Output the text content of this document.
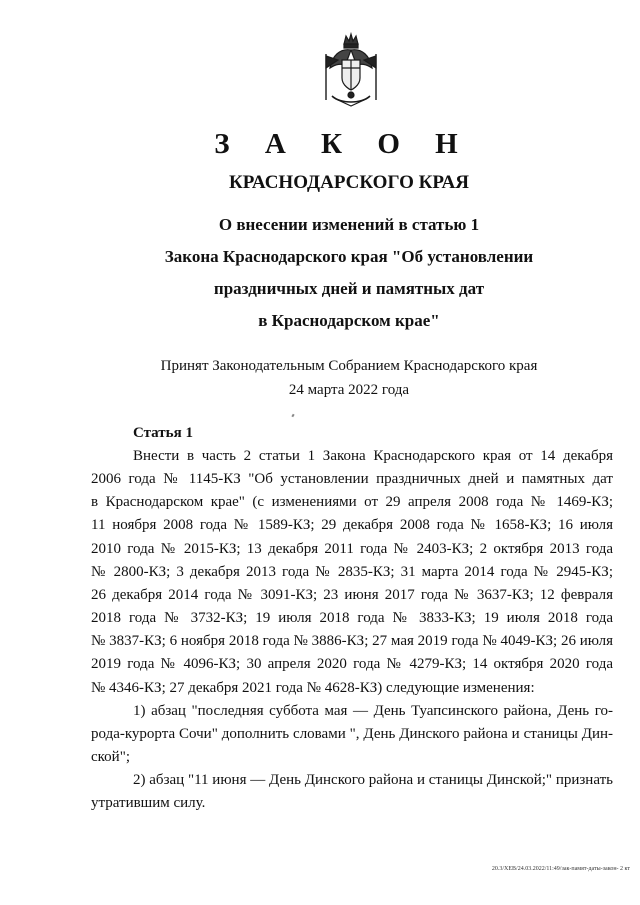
З А К О Н
КРАСНОДАРСКОГО КРАЯ
О внесении изменений в статью 1
Закона Краснодарского края "Об установлении
праздничных дней и памятных дат
в Краснодарском крае"
Принят Законодательным Собранием Краснодарского края
24 марта 2022 года
Статья 1
Внести в часть 2 статьи 1 Закона Краснодарского края от 14 декабря
2006 года № 1145-КЗ "Об установлении праздничных дней и памятных дат
в Краснодарском крае" (с изменениями от 29 апреля 2008 года № 1469-КЗ;
11 ноября 2008 года № 1589-КЗ; 29 декабря 2008 года № 1658-КЗ; 16 июля
2010 года № 2015-КЗ; 13 декабря 2011 года № 2403-КЗ; 2 октября 2013 года
№ 2800-КЗ; 3 декабря 2013 года № 2835-КЗ; 31 марта 2014 года № 2945-КЗ;
26 декабря 2014 года № 3091-КЗ; 23 июня 2017 года № 3637-КЗ; 12 февраля
2018 года № 3732-КЗ; 19 июля 2018 года № 3833-КЗ; 19 июля 2018 года
№ 3837-КЗ; 6 ноября 2018 года № 3886-КЗ; 27 мая 2019 года № 4049-КЗ; 26 июля
2019 года № 4096-КЗ; 30 апреля 2020 года № 4279-КЗ; 14 октября 2020 года
№ 4346-КЗ; 27 декабря 2021 года № 4628-КЗ) следующие изменения:
1) абзац "последняя суббота мая — День Туапсинского района, День го-
рода-курорта Сочи" дополнить словами ", День Динского района и станицы Дин-
ской";
2) абзац "11 июня — День Динского района и станицы Динской;" признать
утратившим силу.
20.3/ХЕВ/24.03.2022/11:49/зак-памят-даты-закон- 2 кт
